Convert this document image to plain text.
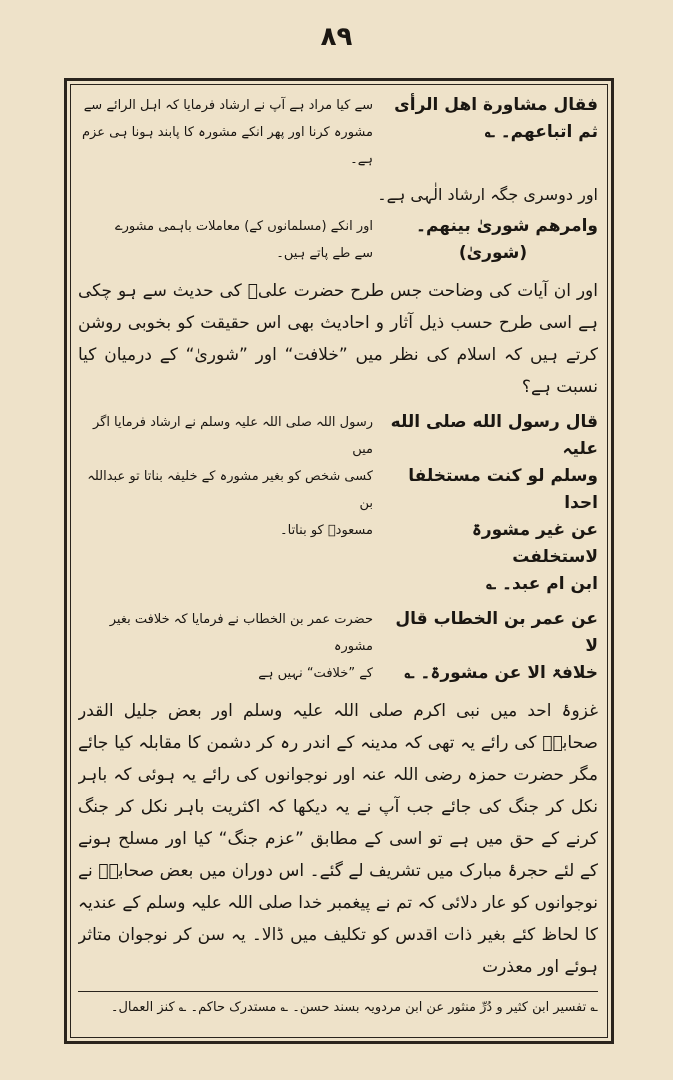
۸۹
فقال مشاورة اهل الرأی
ثم اتباعهم۔ ؎
سے کیا مراد ہے آپ نے ارشاد فرمایا کہ اہل الرائے سے
مشورہ کرنا اور پھر انکے مشورہ کا پابند ہونا ہی عزم ہے۔

اور دوسری جگہ ارشاد الٰہی ہے۔

وامرھم شوریٰ بینھم۔
(شوریٰ)
اور انکے (مسلمانوں کے) معاملات باہمی مشورے
سے طے پاتے ہیں۔

اور ان آیات کی وضاحت جس طرح حضرت علیؓ کی حدیث سے ہو چکی ہے اسی طرح حسب ذیل آثار و احادیث بھی اس حقیقت کو بخوبی روشن کرتے ہیں کہ اسلام کی نظر میں ”خلافت“ اور ”شوریٰ“ کے درمیان کیا نسبت ہے؟

قال رسول الله صلی الله علیہ
وسلم لو کنت مستخلفا احدا
عن غیر مشورۃ لاستخلفت
ابن ام عبد۔ ؎
رسول اللہ صلی اللہ علیہ وسلم نے ارشاد فرمایا اگر میں
کسی شخص کو بغیر مشورہ کے خلیفہ بناتا تو عبداللہ بن
مسعودؓ کو بناتا۔
عن عمر بن الخطاب قال لا
خلافۃ الا عن مشورۃ۔ ؎
حضرت عمر بن الخطاب نے فرمایا کہ خلافت بغیر مشورہ
کے ”خلافت“ نہیں ہے

غزوۂ احد میں نبی اکرم صلی اللہ علیہ وسلم اور بعض جلیل القدر صحابہؓ کی رائے یہ تھی کہ مدینہ کے اندر رہ کر دشمن کا مقابلہ کیا جائے مگر حضرت حمزہ رضی اللہ عنہ اور نوجوانوں کی رائے یہ ہوئی کہ باہر نکل کر جنگ کی جائے جب آپ نے یہ دیکھا کہ اکثریت باہر نکل کر جنگ کرنے کے حق میں ہے تو اسی کے مطابق ”عزم جنگ“ کیا اور مسلح ہونے کے لئے حجرۂ مبارک میں تشریف لے گئے۔ اس دوران میں بعض صحابہؓ نے نوجوانوں کو عار دلائی کہ تم نے پیغمبر خدا صلی اللہ علیہ وسلم کے عندیہ کا لحاظ کئے بغیر ذات اقدس کو تکلیف میں ڈالا۔ یہ سن کر نوجوان متاثر ہوئے اور معذرت

؎ تفسیر ابن کثیر و دُرِّ منثور عن ابن مردویہ بسند حسن۔ ؎ مستدرک حاکم۔ ؎ کنز العمال۔
